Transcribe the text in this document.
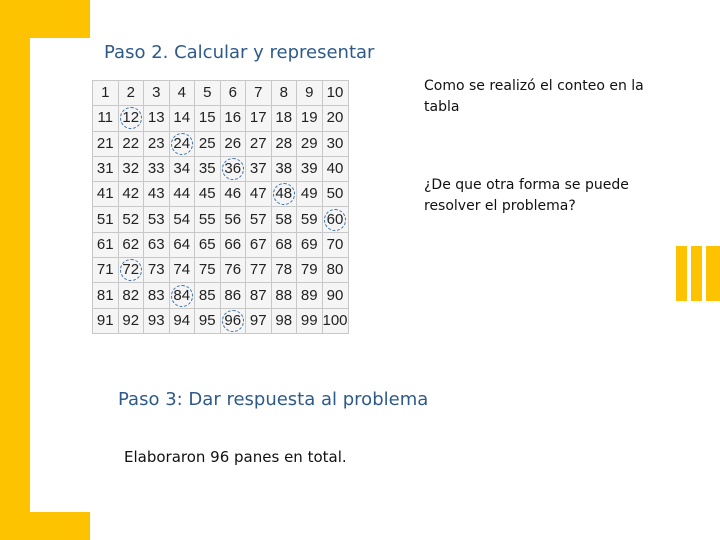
Paso 2. Calcular y representar
1	2	3	4	5	6	7	8	9	10
11	12	13	14	15	16	17	18	19	20
21	22	23	24	25	26	27	28	29	30
31	32	33	34	35	36	37	38	39	40
41	42	43	44	45	46	47	48	49	50
51	52	53	54	55	56	57	58	59	60
61	62	63	64	65	66	67	68	69	70
71	72	73	74	75	76	77	78	79	80
81	82	83	84	85	86	87	88	89	90
91	92	93	94	95	96	97	98	99	100
Como se realizó el conteo en la tabla
¿De que otra forma se puede resolver el problema?
Paso 3: Dar respuesta al problema
Elaboraron 96 panes en total.
